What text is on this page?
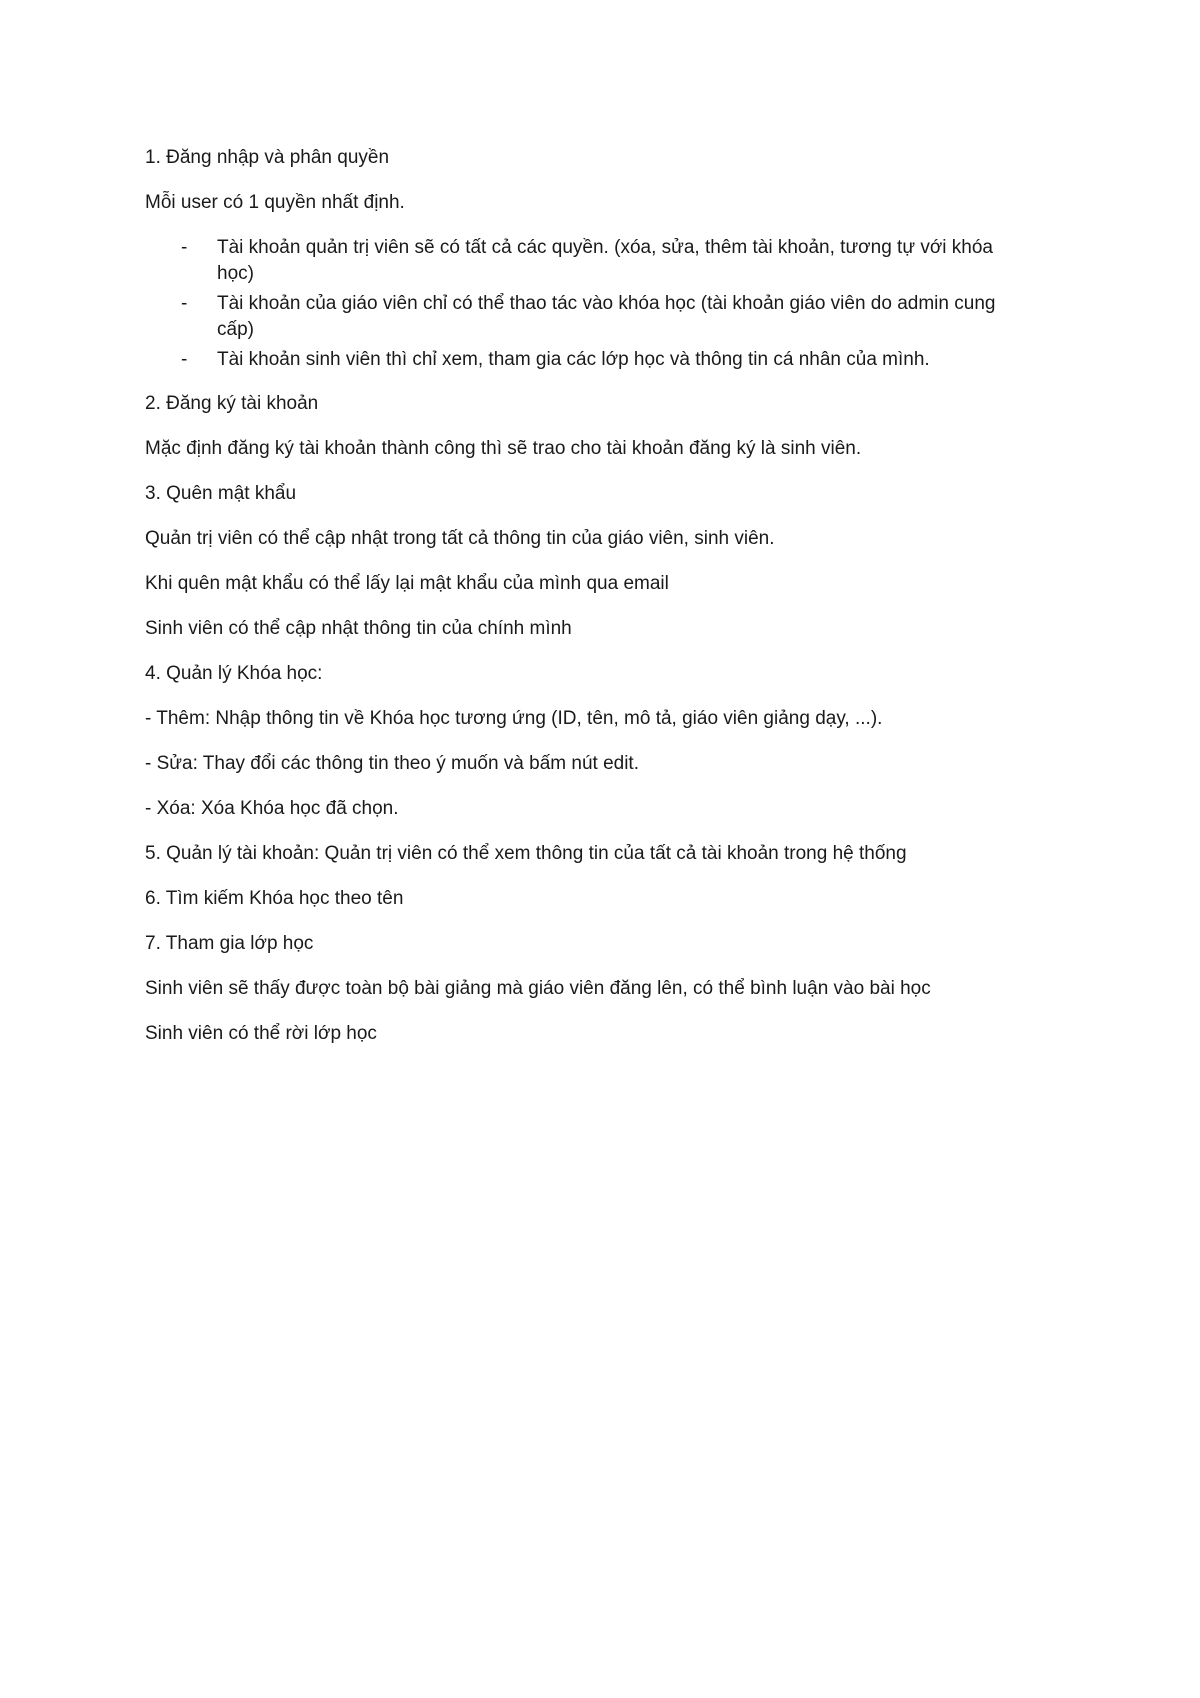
1. Đăng nhập và phân quyền

Mỗi user có 1 quyền nhất định.

- Tài khoản quản trị viên sẽ có tất cả các quyền. (xóa, sửa, thêm tài khoản, tương tự với khóa học)
- Tài khoản của giáo viên chỉ có thể thao tác vào khóa học (tài khoản giáo viên do admin cung cấp)
- Tài khoản sinh viên thì chỉ xem, tham gia các lớp học và thông tin cá nhân của mình.

2. Đăng ký tài khoản

Mặc định đăng ký tài khoản thành công thì sẽ trao cho tài khoản đăng ký là sinh viên.

3. Quên mật khẩu

Quản trị viên có thể cập nhật trong tất cả thông tin của giáo viên, sinh viên.

Khi quên mật khẩu có thể lấy lại mật khẩu của mình qua email

Sinh viên có thể cập nhật thông tin của chính mình

4. Quản lý Khóa học:

- Thêm: Nhập thông tin về Khóa học tương ứng (ID, tên, mô tả, giáo viên giảng dạy, ...).

- Sửa: Thay đổi các thông tin theo ý muốn và bấm nút edit.

- Xóa: Xóa Khóa học đã chọn.

5. Quản lý tài khoản: Quản trị viên có thể xem thông tin của tất cả tài khoản trong hệ thống

6. Tìm kiếm Khóa học theo tên

7. Tham gia lớp học

Sinh viên sẽ thấy được toàn bộ bài giảng mà giáo viên đăng lên, có thể bình luận vào bài học

Sinh viên có thể rời lớp học
